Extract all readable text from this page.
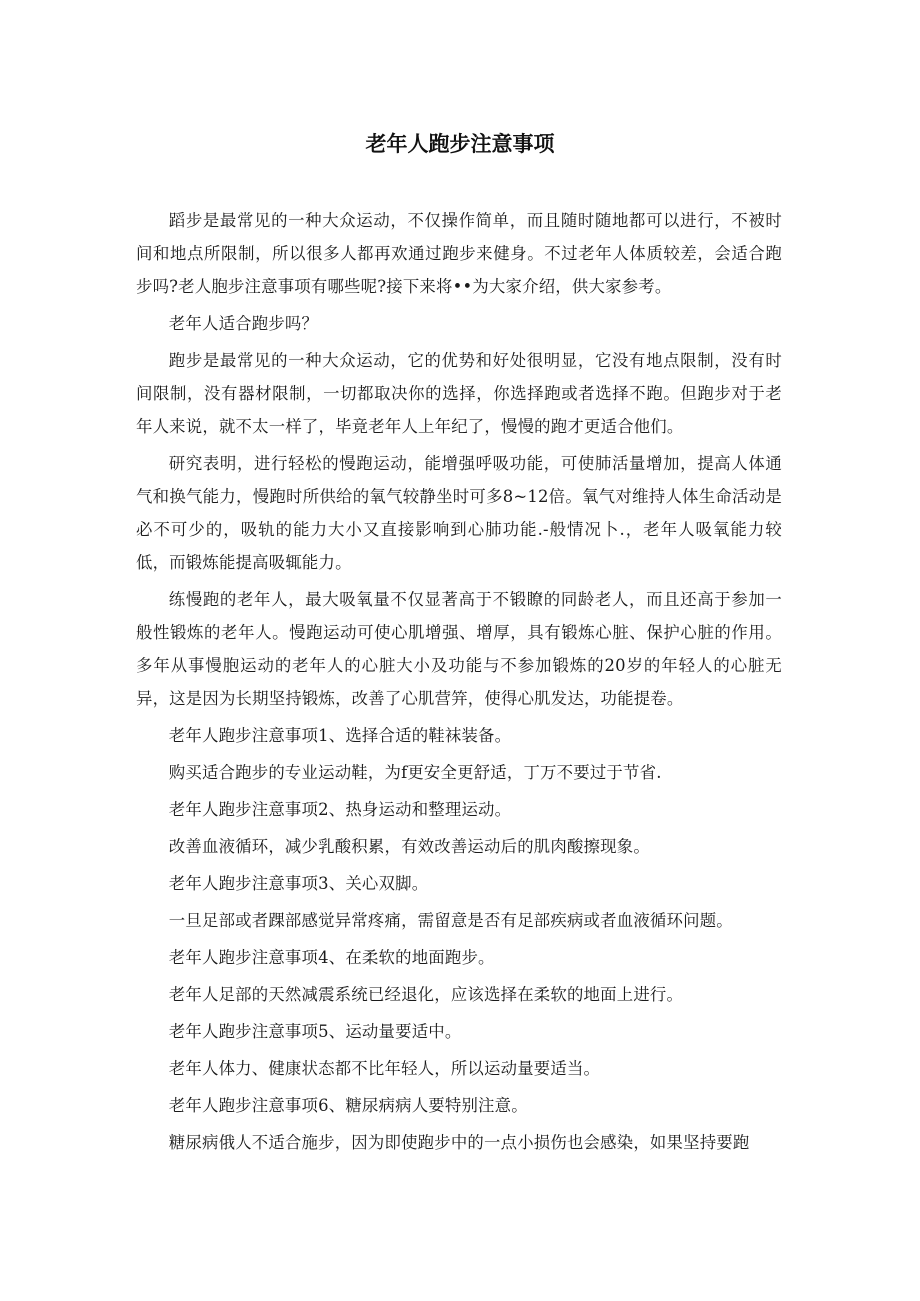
老年人跑步注意事项

蹈步是最常见的一种大众运动，不仅操作简单，而且随时随地都可以进行，不被时间和地点所限制，所以很多人都再欢通过跑步来健身。不过老年人体质较差，会适合跑步吗?老人胞步注意事项有哪些呢?接下来将••为大家介绍，供大家参考。

老年人适合跑步吗？

跑步是最常见的一种大众运动，它的优势和好处很明显，它没有地点限制，没有时间限制，没有器材限制，一切都取决你的选择，你选择跑或者选择不跑。但跑步对于老年人来说，就不太一样了，毕竟老年人上年纪了，慢慢的跑才更适合他们。

研究表明，进行轻松的慢跑运动，能增强呼吸功能，可使肺活量增加，提高人体通气和换气能力，慢跑时所供给的氧气较静坐时可多8~12倍。氧气对维持人体生命活动是必不可少的，吸轨的能力大小又直接影响到心肺功能.-般情况卜.，老年人吸氧能力较低，而锻炼能提高吸辄能力。

练慢跑的老年人，最大吸氧量不仅显著高于不锻瞭的同龄老人，而且还高于参加一般性锻炼的老年人。慢跑运动可使心肌增强、增厚，具有锻炼心脏、保护心脏的作用。多年从事慢胞运动的老年人的心脏大小及功能与不参加锻炼的20岁的年轻人的心脏无异，这是因为长期坚持锻炼，改善了心肌营笄，使得心肌发达，功能提卷。

老年人跑步注意事项1、选择合适的鞋袜装备。

购买适合跑步的专业运动鞋，为f更安全更舒适，丁万不要过于节省.

老年人跑步注意事项2、热身运动和整理运动。

改善血液循环，减少乳酸积累，有效改善运动后的肌肉酸擦现象。

老年人跑步注意事项3、关心双脚。

一旦足部或者踝部感觉异常疼痛，需留意是否有足部疾病或者血液循环问题。

老年人跑步注意事项4、在柔软的地面跑步。

老年人足部的天然减震系统已经退化，应该选择在柔软的地面上进行。

老年人跑步注意事项5、运动量要适中。

老年人体力、健康状态都不比年轻人，所以运动量要适当。

老年人跑步注意事项6、糖尿病病人要特别注意。

糖尿病俄人不适合施步，因为即使跑步中的一点小损伤也会感染，如果坚持要跑
